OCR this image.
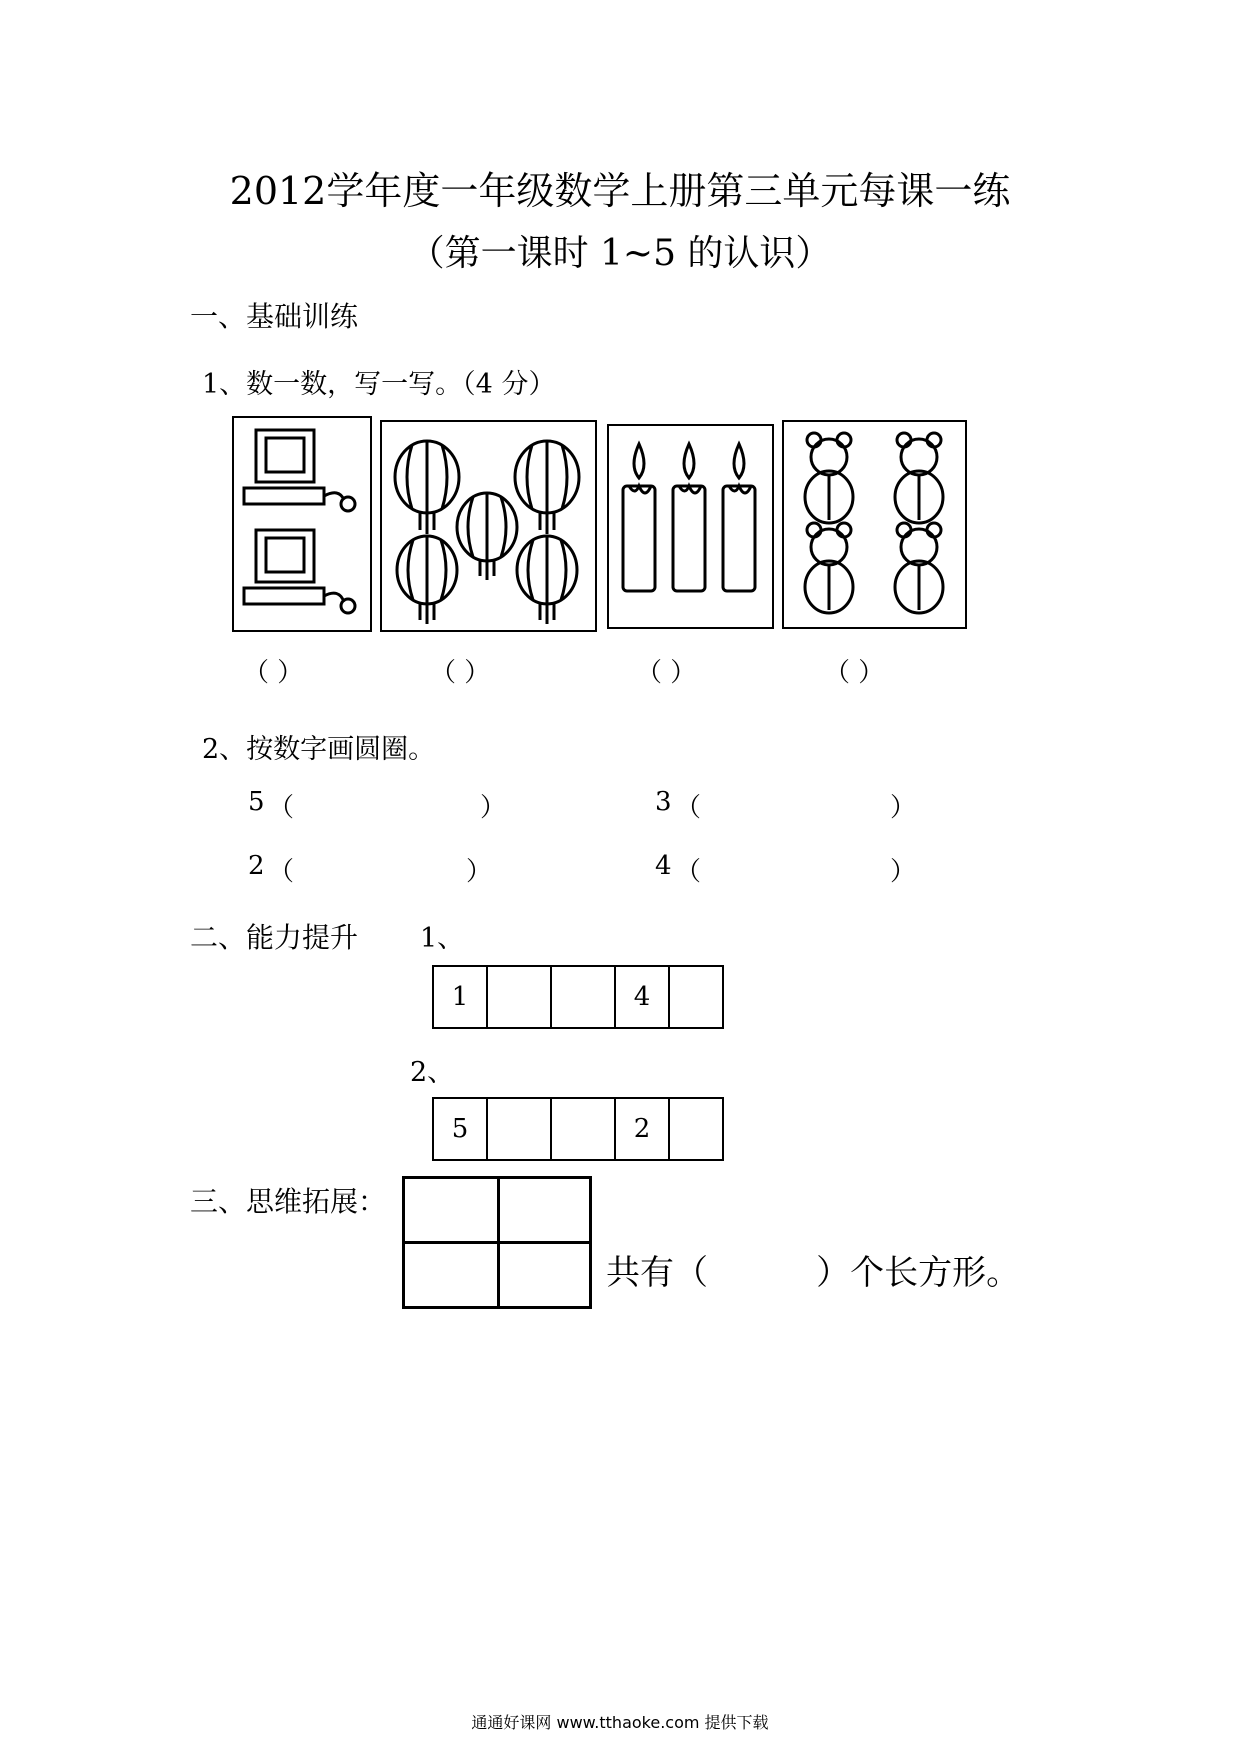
2012学年度一年级数学上册第三单元每课一练
（第一课时 1~5 的认识）
一、基础训练
1、数一数，写一写。（4 分）
（ ）	（ ）	（ ）	（ ）
2、按数字画圆圈。
5 （	）	3 （	）
2 （	）	4 （	）
二、能力提升 1、
1	4
2、
5	2
三、思维拓展：
共有（          ）个长方形。
通通好课网 www.tthaoke.com 提供下载
